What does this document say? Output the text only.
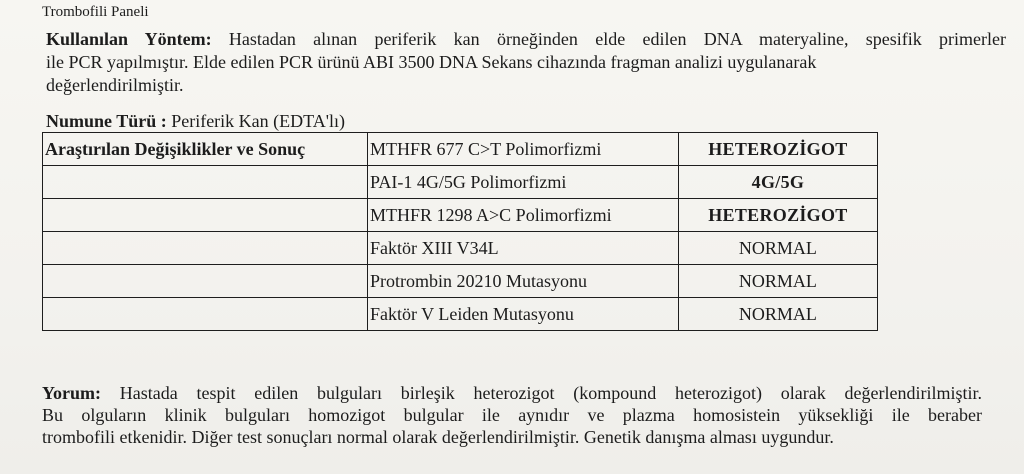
Trombofili Paneli
Kullanılan Yöntem: Hastadan alınan periferik kan örneğinden elde edilen DNA materyaline, spesifik primerler
ile PCR yapılmıştır. Elde edilen PCR ürünü ABI 3500 DNA Sekans cihazında fragman analizi uygulanarak
değerlendirilmiştir.
Numune Türü : Periferik Kan (EDTA'lı)
Araştırılan Değişiklikler ve Sonuç	MTHFR 677 C>T Polimorfizmi	HETEROZİGOT
	PAI-1 4G/5G Polimorfizmi	4G/5G
	MTHFR 1298 A>C Polimorfizmi	HETEROZİGOT
	Faktör XIII V34L	NORMAL
	Protrombin 20210 Mutasyonu	NORMAL
	Faktör V Leiden Mutasyonu	NORMAL
Yorum: Hastada tespit edilen bulguları birleşik heterozigot (kompound heterozigot) olarak değerlendirilmiştir.
Bu olguların klinik bulguları homozigot bulgular ile aynıdır ve plazma homosistein yüksekliği ile beraber
trombofili etkenidir. Diğer test sonuçları normal olarak değerlendirilmiştir. Genetik danışma alması uygundur.
